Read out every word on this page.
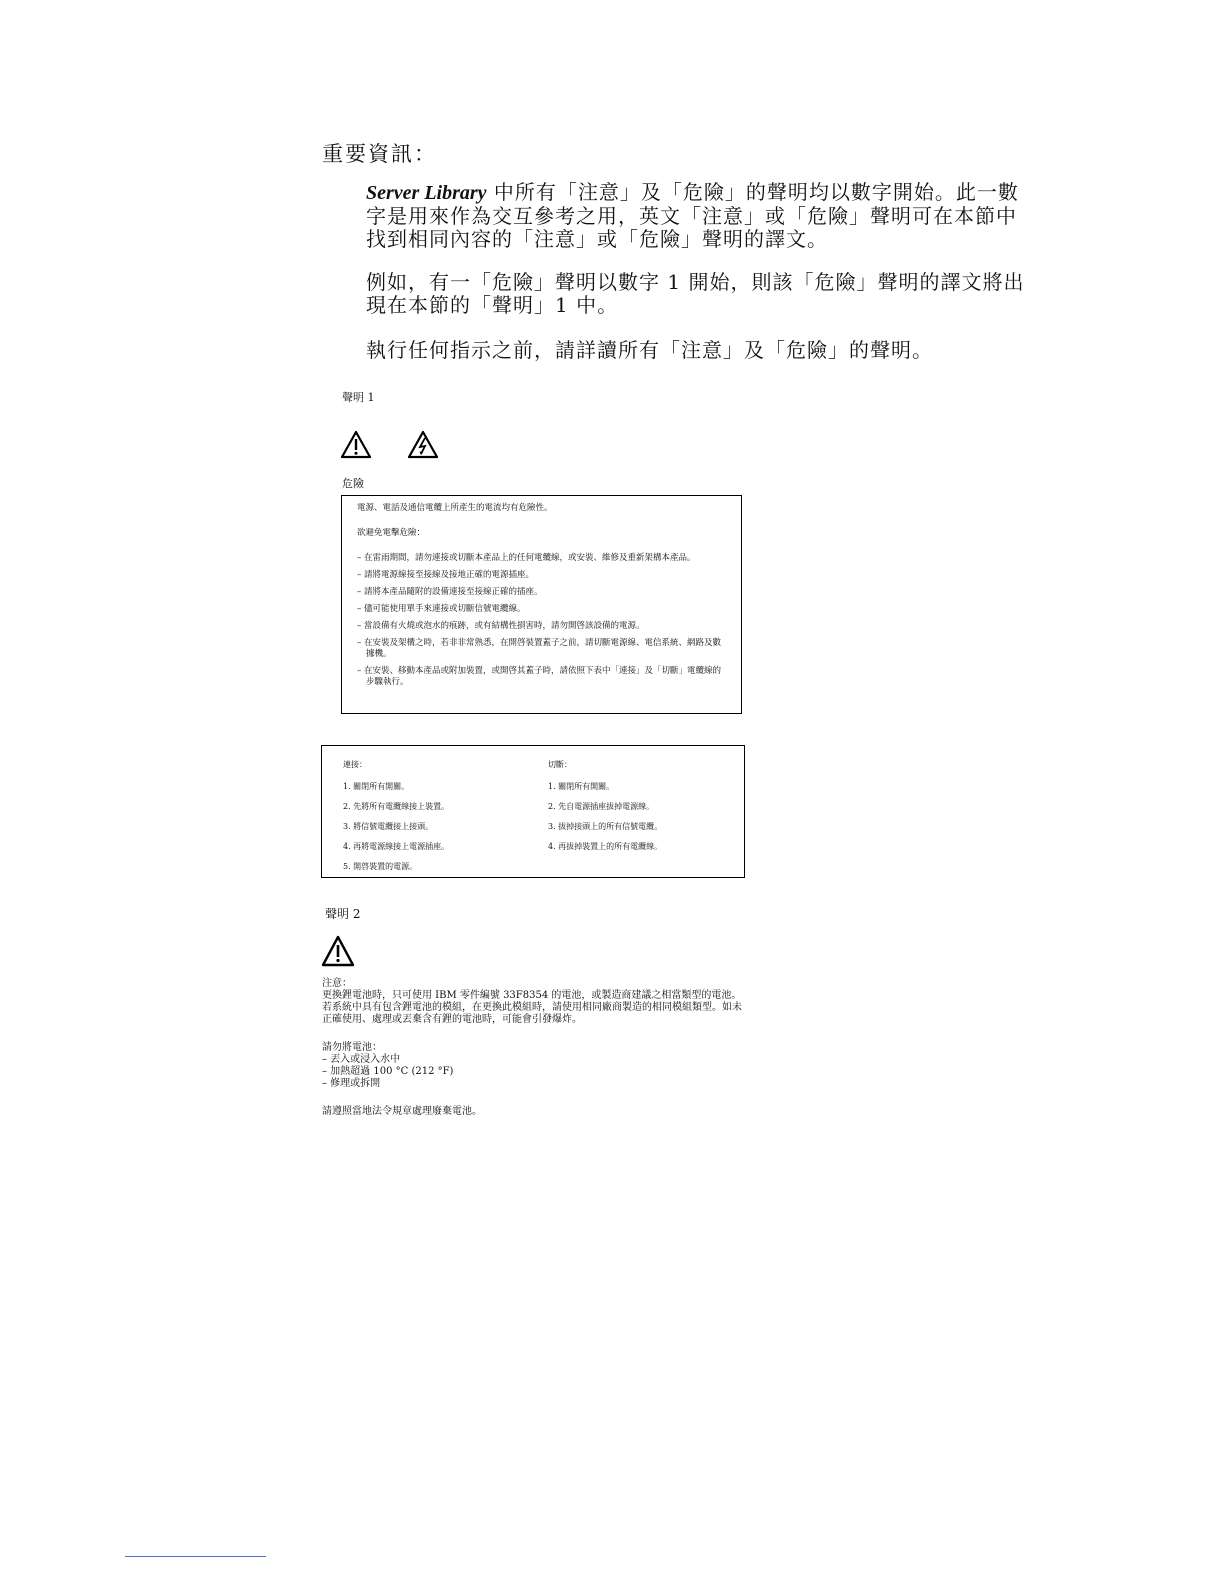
重要資訊：
Server Library 中所有「注意」及「危險」的聲明均以數字開始。此一數字是用來作為交互參考之用，英文「注意」或「危險」聲明可在本節中找到相同內容的「注意」或「危險」聲明的譯文。
例如，有一「危險」聲明以數字 1 開始，則該「危險」聲明的譯文將出現在本節的「聲明」1 中。
執行任何指示之前，請詳讀所有「注意」及「危險」的聲明。
聲明 1

危險

電源、電話及通信電纜上所產生的電流均有危險性。

欲避免電擊危險：

– 在雷雨期間，請勿連接或切斷本產品上的任何電纜線，或安裝、維修及重新架構本產品。
– 請將電源線接至接線及接地正確的電源插座。
– 請將本產品隨附的設備連接至接線正確的插座。
– 儘可能使用單手來連接或切斷信號電纜線。
– 當設備有火燒或泡水的痕跡，或有結構性損害時，請勿開啓該設備的電源。
– 在安裝及架構之時，若非非常熟悉，在開啓裝置蓋子之前，請切斷電源線、電信系統、網路及數據機。
– 在安裝、移動本產品或附加裝置，或開啓其蓋子時，請依照下表中「連接」及「切斷」電纜線的步驟執行。
連接：
1. 關閉所有開關。
2. 先將所有電纜線接上裝置。
3. 將信號電纜接上接頭。
4. 再將電源線接上電源插座。
5. 開啓裝置的電源。
切斷：
1. 關閉所有開關。
2. 先自電源插座拔掉電源線。
3. 拔掉接頭上的所有信號電纜。
4. 再拔掉裝置上的所有電纜線。
聲明 2

注意：

更換鋰電池時，只可使用 IBM 零件編號 33F8354 的電池，或製造商建議之相當類型的電池。若系統中具有包含鋰電池的模組，在更換此模組時，請使用相同廠商製造的相同模組類型。如未正確使用、處理或丟棄含有鋰的電池時，可能會引發爆炸。

請勿將電池：

– 丟入或浸入水中

– 加熱超過 100 °C (212 °F)

– 修理或拆開

請遵照當地法令規章處理廢棄電池。
